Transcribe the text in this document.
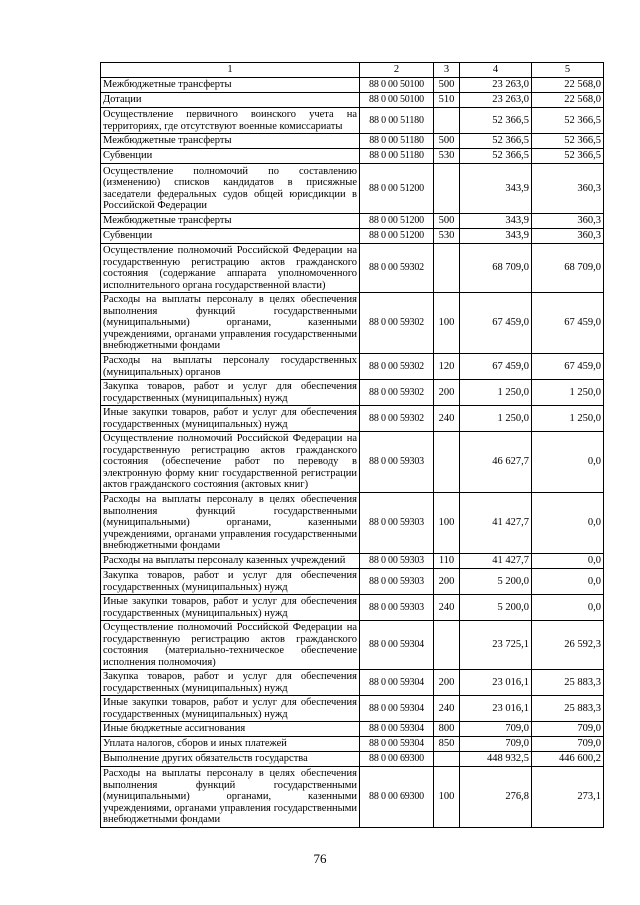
1	2	3	4	5
Межбюджетные трансферты	88 0 00 50100	500	23 263,0	22 568,0
Дотации	88 0 00 50100	510	23 263,0	22 568,0
Осуществление первичного воинского учета на территориях, где отсутствуют военные комиссариаты	88 0 00 51180		52 366,5	52 366,5
Межбюджетные трансферты	88 0 00 51180	500	52 366,5	52 366,5
Субвенции	88 0 00 51180	530	52 366,5	52 366,5
Осуществление полномочий по составлению (изменению) списков кандидатов в присяжные заседатели федеральных судов общей юрисдикции в Российской Федерации	88 0 00 51200		343,9	360,3
Межбюджетные трансферты	88 0 00 51200	500	343,9	360,3
Субвенции	88 0 00 51200	530	343,9	360,3
Осуществление полномочий Российской Федерации на государственную регистрацию актов гражданского состояния (содержание аппарата уполномоченного исполнительного органа государственной власти)	88 0 00 59302		68 709,0	68 709,0
Расходы на выплаты персоналу в целях обеспечения выполнения функций государственными (муниципальными) органами, казенными учреждениями, органами управления государственными внебюджетными фондами	88 0 00 59302	100	67 459,0	67 459,0
Расходы на выплаты персоналу государственных (муниципальных) органов	88 0 00 59302	120	67 459,0	67 459,0
Закупка товаров, работ и услуг для обеспечения государственных (муниципальных) нужд	88 0 00 59302	200	1 250,0	1 250,0
Иные закупки товаров, работ и услуг для обеспечения государственных (муниципальных) нужд	88 0 00 59302	240	1 250,0	1 250,0
Осуществление полномочий Российской Федерации на государственную регистрацию актов гражданского состояния (обеспечение работ по переводу в электронную форму книг государственной регистрации актов гражданского состояния (актовых книг)	88 0 00 59303		46 627,7	0,0
Расходы на выплаты персоналу в целях обеспечения выполнения функций государственными (муниципальными) органами, казенными учреждениями, органами управления государственными внебюджетными фондами	88 0 00 59303	100	41 427,7	0,0
Расходы на выплаты персоналу казенных учреждений	88 0 00 59303	110	41 427,7	0,0
Закупка товаров, работ и услуг для обеспечения государственных (муниципальных) нужд	88 0 00 59303	200	5 200,0	0,0
Иные закупки товаров, работ и услуг для обеспечения государственных (муниципальных) нужд	88 0 00 59303	240	5 200,0	0,0
Осуществление полномочий Российской Федерации на государственную регистрацию актов гражданского состояния (материально-техническое обеспечение исполнения полномочия)	88 0 00 59304		23 725,1	26 592,3
Закупка товаров, работ и услуг для обеспечения государственных (муниципальных) нужд	88 0 00 59304	200	23 016,1	25 883,3
Иные закупки товаров, работ и услуг для обеспечения государственных (муниципальных) нужд	88 0 00 59304	240	23 016,1	25 883,3
Иные бюджетные ассигнования	88 0 00 59304	800	709,0	709,0
Уплата налогов, сборов и иных платежей	88 0 00 59304	850	709,0	709,0
Выполнение других обязательств государства	88 0 00 69300		448 932,5	446 600,2
Расходы на выплаты персоналу в целях обеспечения выполнения функций государственными (муниципальными) органами, казенными учреждениями, органами управления государственными внебюджетными фондами	88 0 00 69300	100	276,8	273,1
76
